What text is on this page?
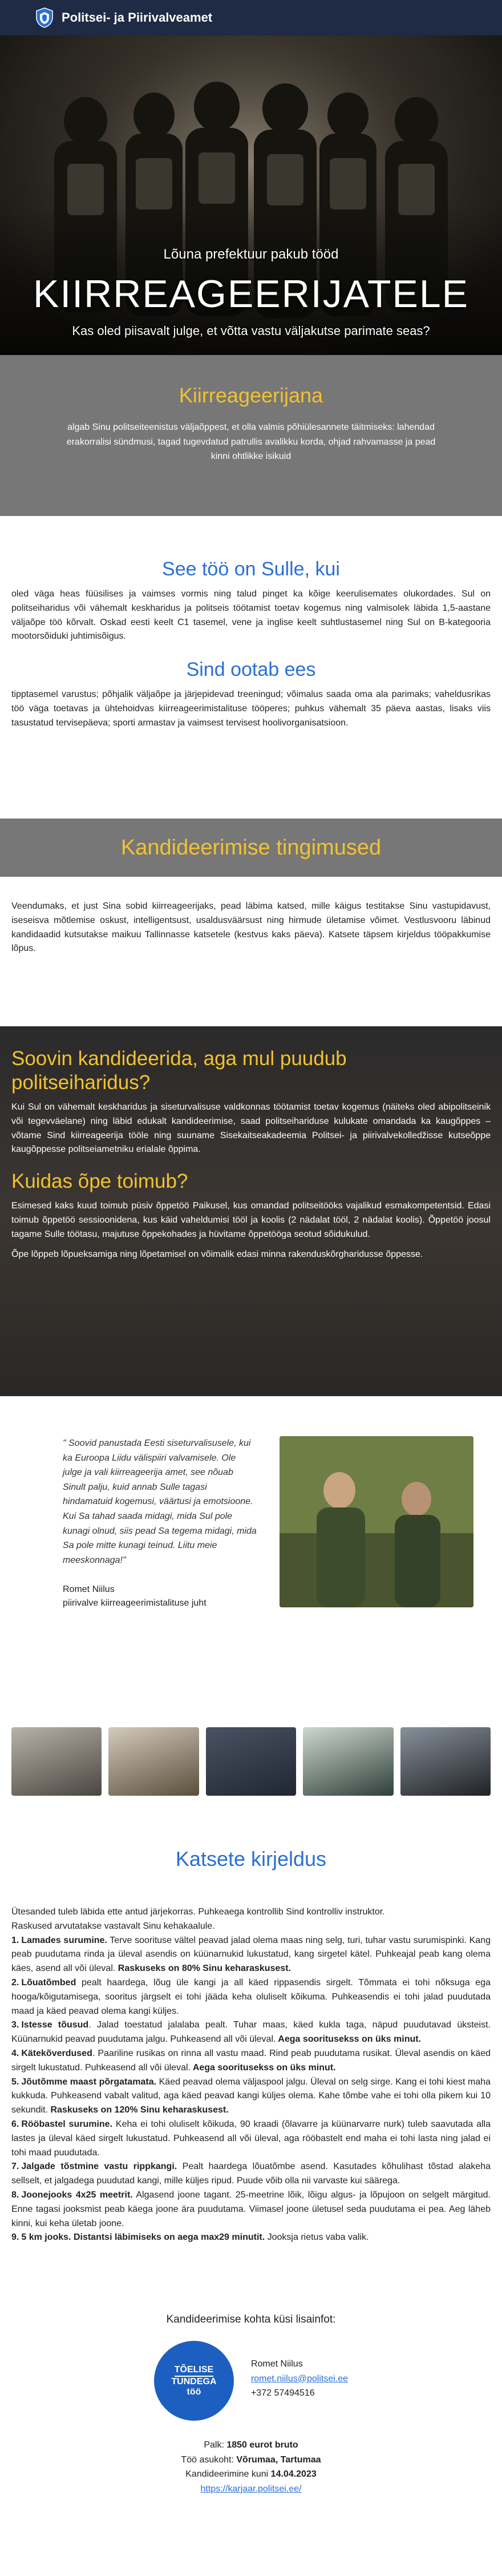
Politsei- ja Piirivalveamet
Lõuna prefektuur pakub tööd
KIIRREAGEERIJATELE
Kas oled piisavalt julge, et võtta vastu väljakutse parimate seas?
Kiirreageerijana

algab Sinu politseiteenistus väljaõppest, et olla valmis põhiülesannete täitmiseks: lahendad erakorralisi sündmusi, tagad tugevdatud patrullis avalikku korda, ohjad rahvamasse ja pead kinni ohtlikke isikuid

See töö on Sulle, kui

oled väga heas füüsilises ja vaimses vormis ning talud pinget ka kõige keerulisemates olukordades. Sul on politseiharidus või vähemalt keskharidus ja politseis töötamist toetav kogemus ning valmisolek läbida 1,5-aastane väljaõpe töö kõrvalt. Oskad eesti keelt C1 tasemel, vene ja inglise keelt suhtlustasemel ning Sul on B-kategooria mootorsõiduki juhtimisõigus.

Sind ootab ees

tipptasemel varustus; põhjalik väljaõpe ja järjepidevad treeningud; võimalus saada oma ala parimaks; vaheldusrikas töö väga toetavas ja ühtehoidvas kiirreageerimistalituse tööperes; puhkus vähemalt 35 päeva aastas, lisaks viis tasustatud tervisepäeva; sporti armastav ja vaimsest tervisest hoolivorganisatsioon.

Kandideerimise tingimused
Veendumaks, et just Sina sobid kiirreageerijaks, pead läbima katsed, mille käigus testitakse Sinu vastupidavust, iseseisva mõtlemise oskust, intelligentsust, usaldusväärsust ning hirmude ületamise võimet. Vestlusvooru läbinud kandidaadid kutsutakse maikuu Tallinnasse katsetele (kestvus kaks päeva). Katsete täpsem kirjeldus tööpakkumise lõpus.
Soovin kandideerida, aga mul puudub politseiharidus?

Kui Sul on vähemalt keskharidus ja siseturvalisuse valdkonnas töötamist toetav kogemus (näiteks oled abipolitseinik või tegevväelane) ning läbid edukalt kandideerimise, saad politseihariduse kulukate omandada ka kaugõppes – võtame Sind kiirreageerija tööle ning suuname Sisekaitseakadeemia Politsei- ja piirivalvekolledžisse kutseõppe kaugõppesse politseiametniku erialale õppima.

Kuidas õpe toimub?

Esimesed kaks kuud toimub püsiv õppetöö Paikusel, kus omandad politseitööks vajalikud esmakompetentsid. Edasi toimub õppetöö sessioonidena, kus käid vaheldumisi tööl ja koolis (2 nädalat tööl, 2 nädalat koolis). Õppetöö joosul tagame Sulle töötasu, majutuse õppekohades ja hüvitame õppetööga seotud sõidukulud.

Õpe lõppeb lõpueksamiga ning lõpetamisel on võimalik edasi minna rakenduskõrgharidusse õppesse.

" Soovid panustada Eesti siseturvalisusele, kui ka Euroopa Liidu välispiiri valvamisele. Ole julge ja vali kiirreageerija amet, see nõuab Sinult palju, kuid annab Sulle tagasi hindamatuid kogemusi, väärtusi ja emotsioone. Kui Sa tahad saada midagi, mida Sul pole kunagi olnud, siis pead Sa tegema midagi, mida Sa pole mitte kunagi teinud. Liitu meie meeskonnaga!"
Romet Niilus
piirivalve kiirreageerimistalituse juht
Katsete kirjeldus

Ütesanded tuleb läbida ette antud järjekorras. Puhkeaega kontrollib Sind kontrolliv instruktor.

Raskused arvutatakse vastavalt Sinu kehakaalule.

1. Lamades surumine. Terve soorituse vältel peavad jalad olema maas ning selg, turi, tuhar vastu surumispinki. Kang peab puudutama rinda ja üleval asendis on küünarnukid lukustatud, kang sirgetel kätel. Puhkeajal peab kang olema käes, asend all või üleval. Raskuseks on 80% Sinu keharaskusest.
2. Lõuatõmbed pealt haardega, lõug üle kangi ja all käed rippasendis sirgelt. Tõmmata ei tohi nõksuga ega hooga/kõigutamisega, sooritus järgselt ei tohi jääda keha oluliselt kõikuma. Puhkeasendis ei tohi jalad puudutada maad ja käed peavad olema kangi küljes.
3. Istesse tõusud. Jalad toestatud jalalaba pealt. Tuhar maas, käed kukla taga, näpud puudutavad üksteist. Küünarnukid peavad puudutama jalgu. Puhkeasend all või üleval. Aega sooritusekss on üks minut.
4. Kätekõverdused. Paariline rusikas on rinna all vastu maad. Rind peab puudutama rusikat. Üleval asendis on käed sirgelt lukustatud. Puhkeasend all või üleval. Aega sooritusekss on üks minut.
5. Jõutõmme maast põrgatamata. Käed peavad olema väljaspool jalgu. Üleval on selg sirge. Kang ei tohi kiest maha kukkuda. Puhkeasend vabalt valitud, aga käed peavad kangi küljes olema. Kahe tõmbe vahe ei tohi olla pikem kui 10 sekundit. Raskuseks on 120% Sinu keharaskusest.
6. Rööbastel surumine. Keha ei tohi oluliselt kõikuda, 90 kraadi (õlavarre ja küünarvarre nurk) tuleb saavutada alla lastes ja üleval käed sirgelt lukustatud. Puhkeasend all või üleval, aga rööbastelt end maha ei tohi lasta ning jalad ei tohi maad puudutada.
7. Jalgade tõstmine vastu rippkangi. Pealt haardega lõuatõmbe asend. Kasutades kõhulihast tõstad alakeha sellselt, et jalgadega puudutad kangi, mille küljes ripud. Puude võib olla nii varvaste kui säärega.
8. Joonejooks 4x25 meetrit. Algasend joone tagant. 25-meetrine lõik, lõigu algus- ja lõpujoon on selgelt märgitud. Enne tagasi jooksmist peab käega joone ära puudutama. Viimasel joone ületusel seda puudutama ei pea. Aeg läheb kinni, kui keha ületab joone.
9. 5 km jooks. Distantsi läbimiseks on aega max29 minutit. Jooksja rietus vaba valik.
Kandideerimise kohta küsi lisainfot:
TÕELISE
TUNDEGA
töö
Romet Niilus
romet.niilus@politsei.ee
+372 57494516
Palk: 1850 eurot bruto
Töö asukoht: Võrumaa, Tartumaa
Kandideerimine kuni 14.04.2023
https://karjaar.politsei.ee/
